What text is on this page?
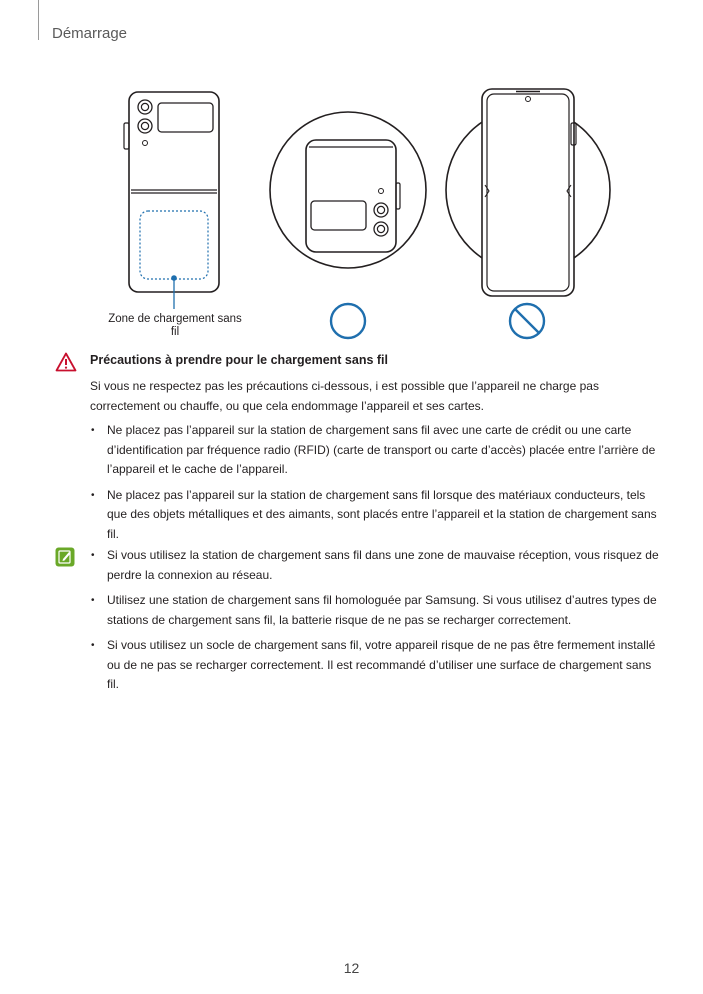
Démarrage
Zone de chargement sans fil
Précautions à prendre pour le chargement sans fil
Si vous ne respectez pas les précautions ci-dessous, i est possible que l’appareil ne charge pas correctement ou chauffe, ou que cela endommage l’appareil et ses cartes.
• Ne placez pas l’appareil sur la station de chargement sans fil avec une carte de crédit ou une carte d’identification par fréquence radio (RFID) (carte de transport ou carte d’accès) placée entre l’arrière de l’appareil et le cache de l’appareil.
• Ne placez pas l’appareil sur la station de chargement sans fil lorsque des matériaux conducteurs, tels que des objets métalliques et des aimants, sont placés entre l’appareil et la station de chargement sans fil.
• Si vous utilisez la station de chargement sans fil dans une zone de mauvaise réception, vous risquez de perdre la connexion au réseau.
• Utilisez une station de chargement sans fil homologuée par Samsung. Si vous utilisez d’autres types de stations de chargement sans fil, la batterie risque de ne pas se recharger correctement.
• Si vous utilisez un socle de chargement sans fil, votre appareil risque de ne pas être fermement installé ou de ne pas se recharger correctement. Il est recommandé d’utiliser une surface de chargement sans fil.
12
